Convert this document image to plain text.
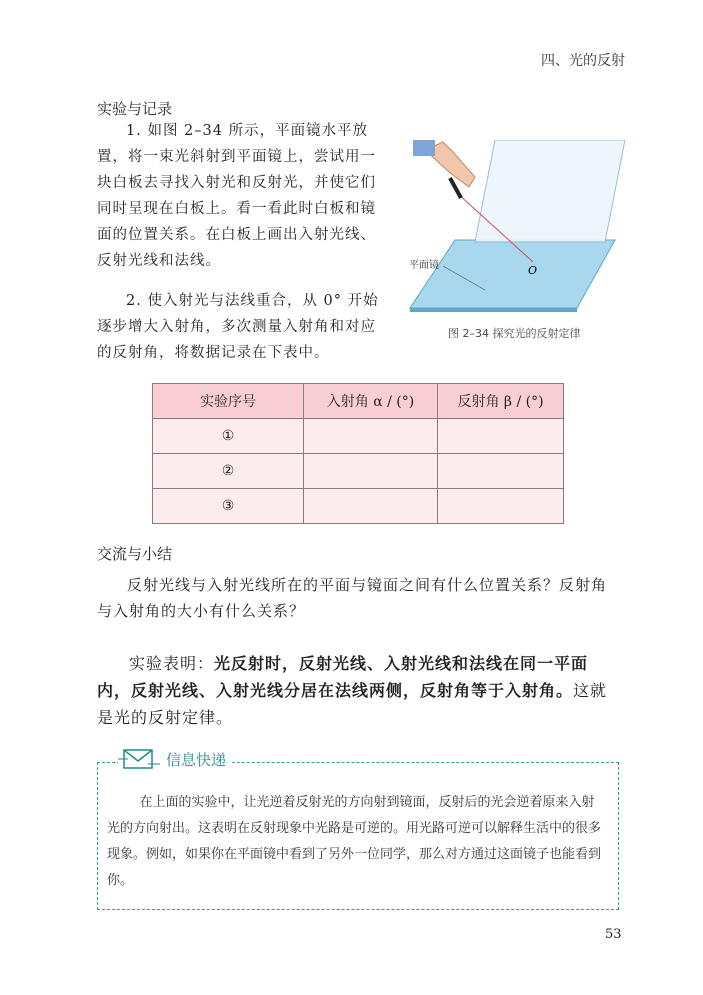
四、光的反射
实验与记录
1. 如图 2–34 所示，平面镜水平放置，将一束光斜射到平面镜上，尝试用一块白板去寻找入射光和反射光，并使它们同时呈现在白板上。看一看此时白板和镜面的位置关系。在白板上画出入射光线、反射光线和法线。
2. 使入射光与法线重合，从 0° 开始逐步增大入射角，多次测量入射角和对应的反射角，将数据记录在下表中。
平面镜	O
图 2–34 探究光的反射定律
实验序号	入射角 α / (°)	反射角 β / (°)
①		
②		
③		
交流与小结
反射光线与入射光线所在的平面与镜面之间有什么位置关系？反射角与入射角的大小有什么关系？
实验表明：光反射时，反射光线、入射光线和法线在同一平面内，反射光线、入射光线分居在法线两侧，反射角等于入射角。这就是光的反射定律。
信息快递
在上面的实验中，让光逆着反射光的方向射到镜面，反射后的光会逆着原来入射光的方向射出。这表明在反射现象中光路是可逆的。用光路可逆可以解释生活中的很多现象。例如，如果你在平面镜中看到了另外一位同学，那么对方通过这面镜子也能看到你。
53
